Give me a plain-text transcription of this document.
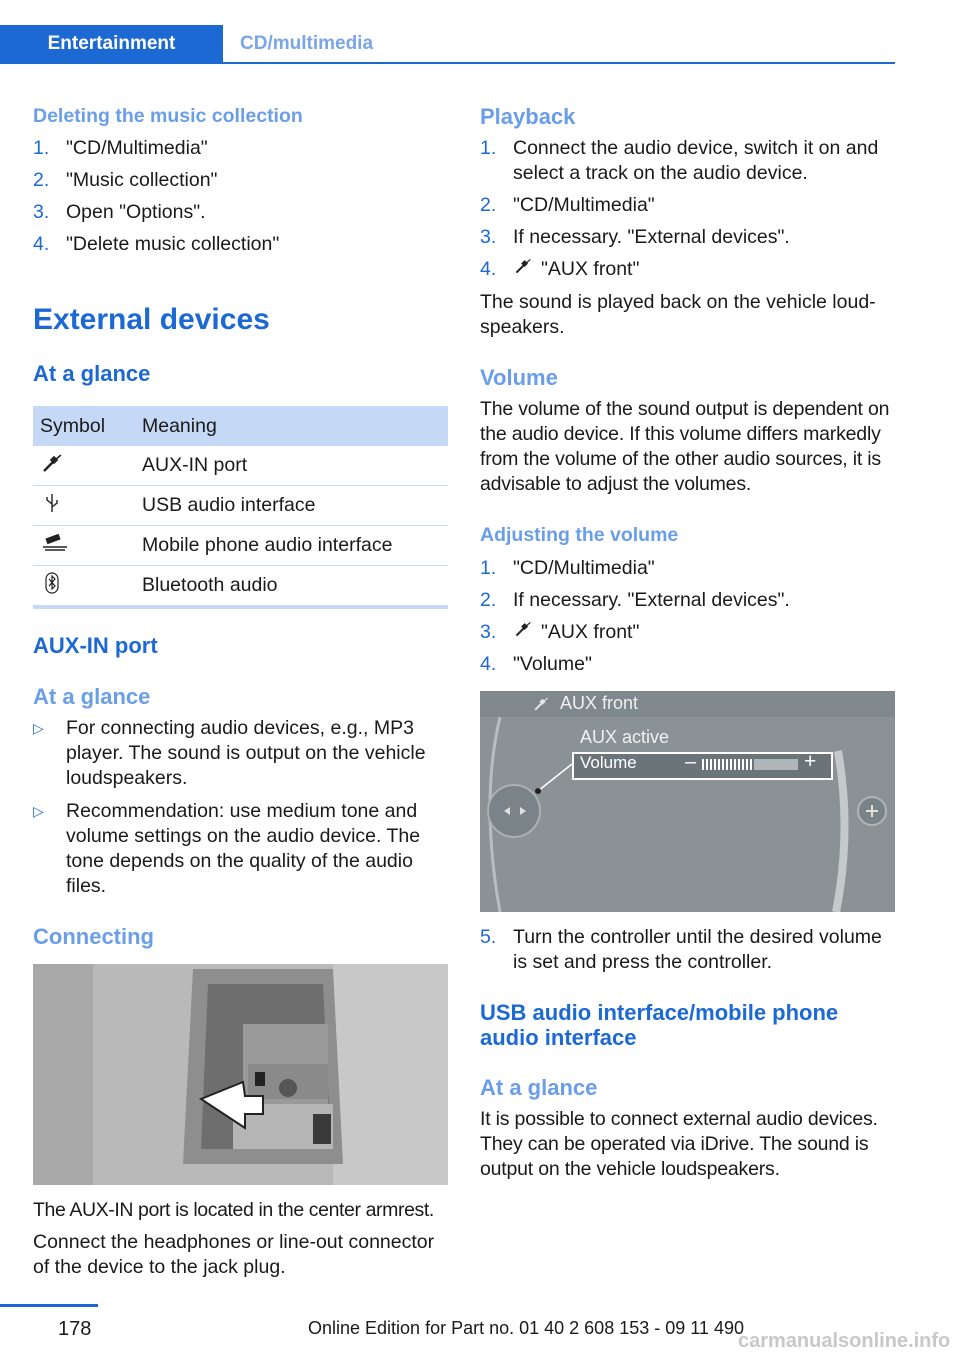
Entertainment	CD/multimedia
Deleting the music collection
1. "CD/Multimedia"
2. "Music collection"
3. Open "Options".
4. "Delete music collection"
External devices
At a glance
Symbol	Meaning
	AUX-IN port
	USB audio interface
	Mobile phone audio interface
	Bluetooth audio
AUX-IN port
At a glance
▷ For connecting audio devices, e.g., MP3 player. The sound is output on the vehicle loudspeakers.
▷ Recommendation: use medium tone and volume settings on the audio device. The tone depends on the quality of the audio files.
Connecting
The AUX-IN port is located in the center armrest.
Connect the headphones or line-out connector of the device to the jack plug.
Playback
1. Connect the audio device, switch it on and select a track on the audio device.
2. "CD/Multimedia"
3. If necessary. "External devices".
4. "AUX front"
The sound is played back on the vehicle loudspeakers.
Volume
The volume of the sound output is dependent on the audio device. If this volume differs markedly from the volume of the other audio sources, it is advisable to adjust the volumes.
Adjusting the volume
1. "CD/Multimedia"
2. If necessary. "External devices".
3. "AUX front"
4. "Volume"
AUX front
AUX active
Volume –	+
5. Turn the controller until the desired volume is set and press the controller.
USB audio interface/mobile phone audio interface
At a glance
It is possible to connect external audio devices. They can be operated via iDrive. The sound is output on the vehicle loudspeakers.
178	Online Edition for Part no. 01 40 2 608 153 - 09 11 490
carmanualsonline.info
